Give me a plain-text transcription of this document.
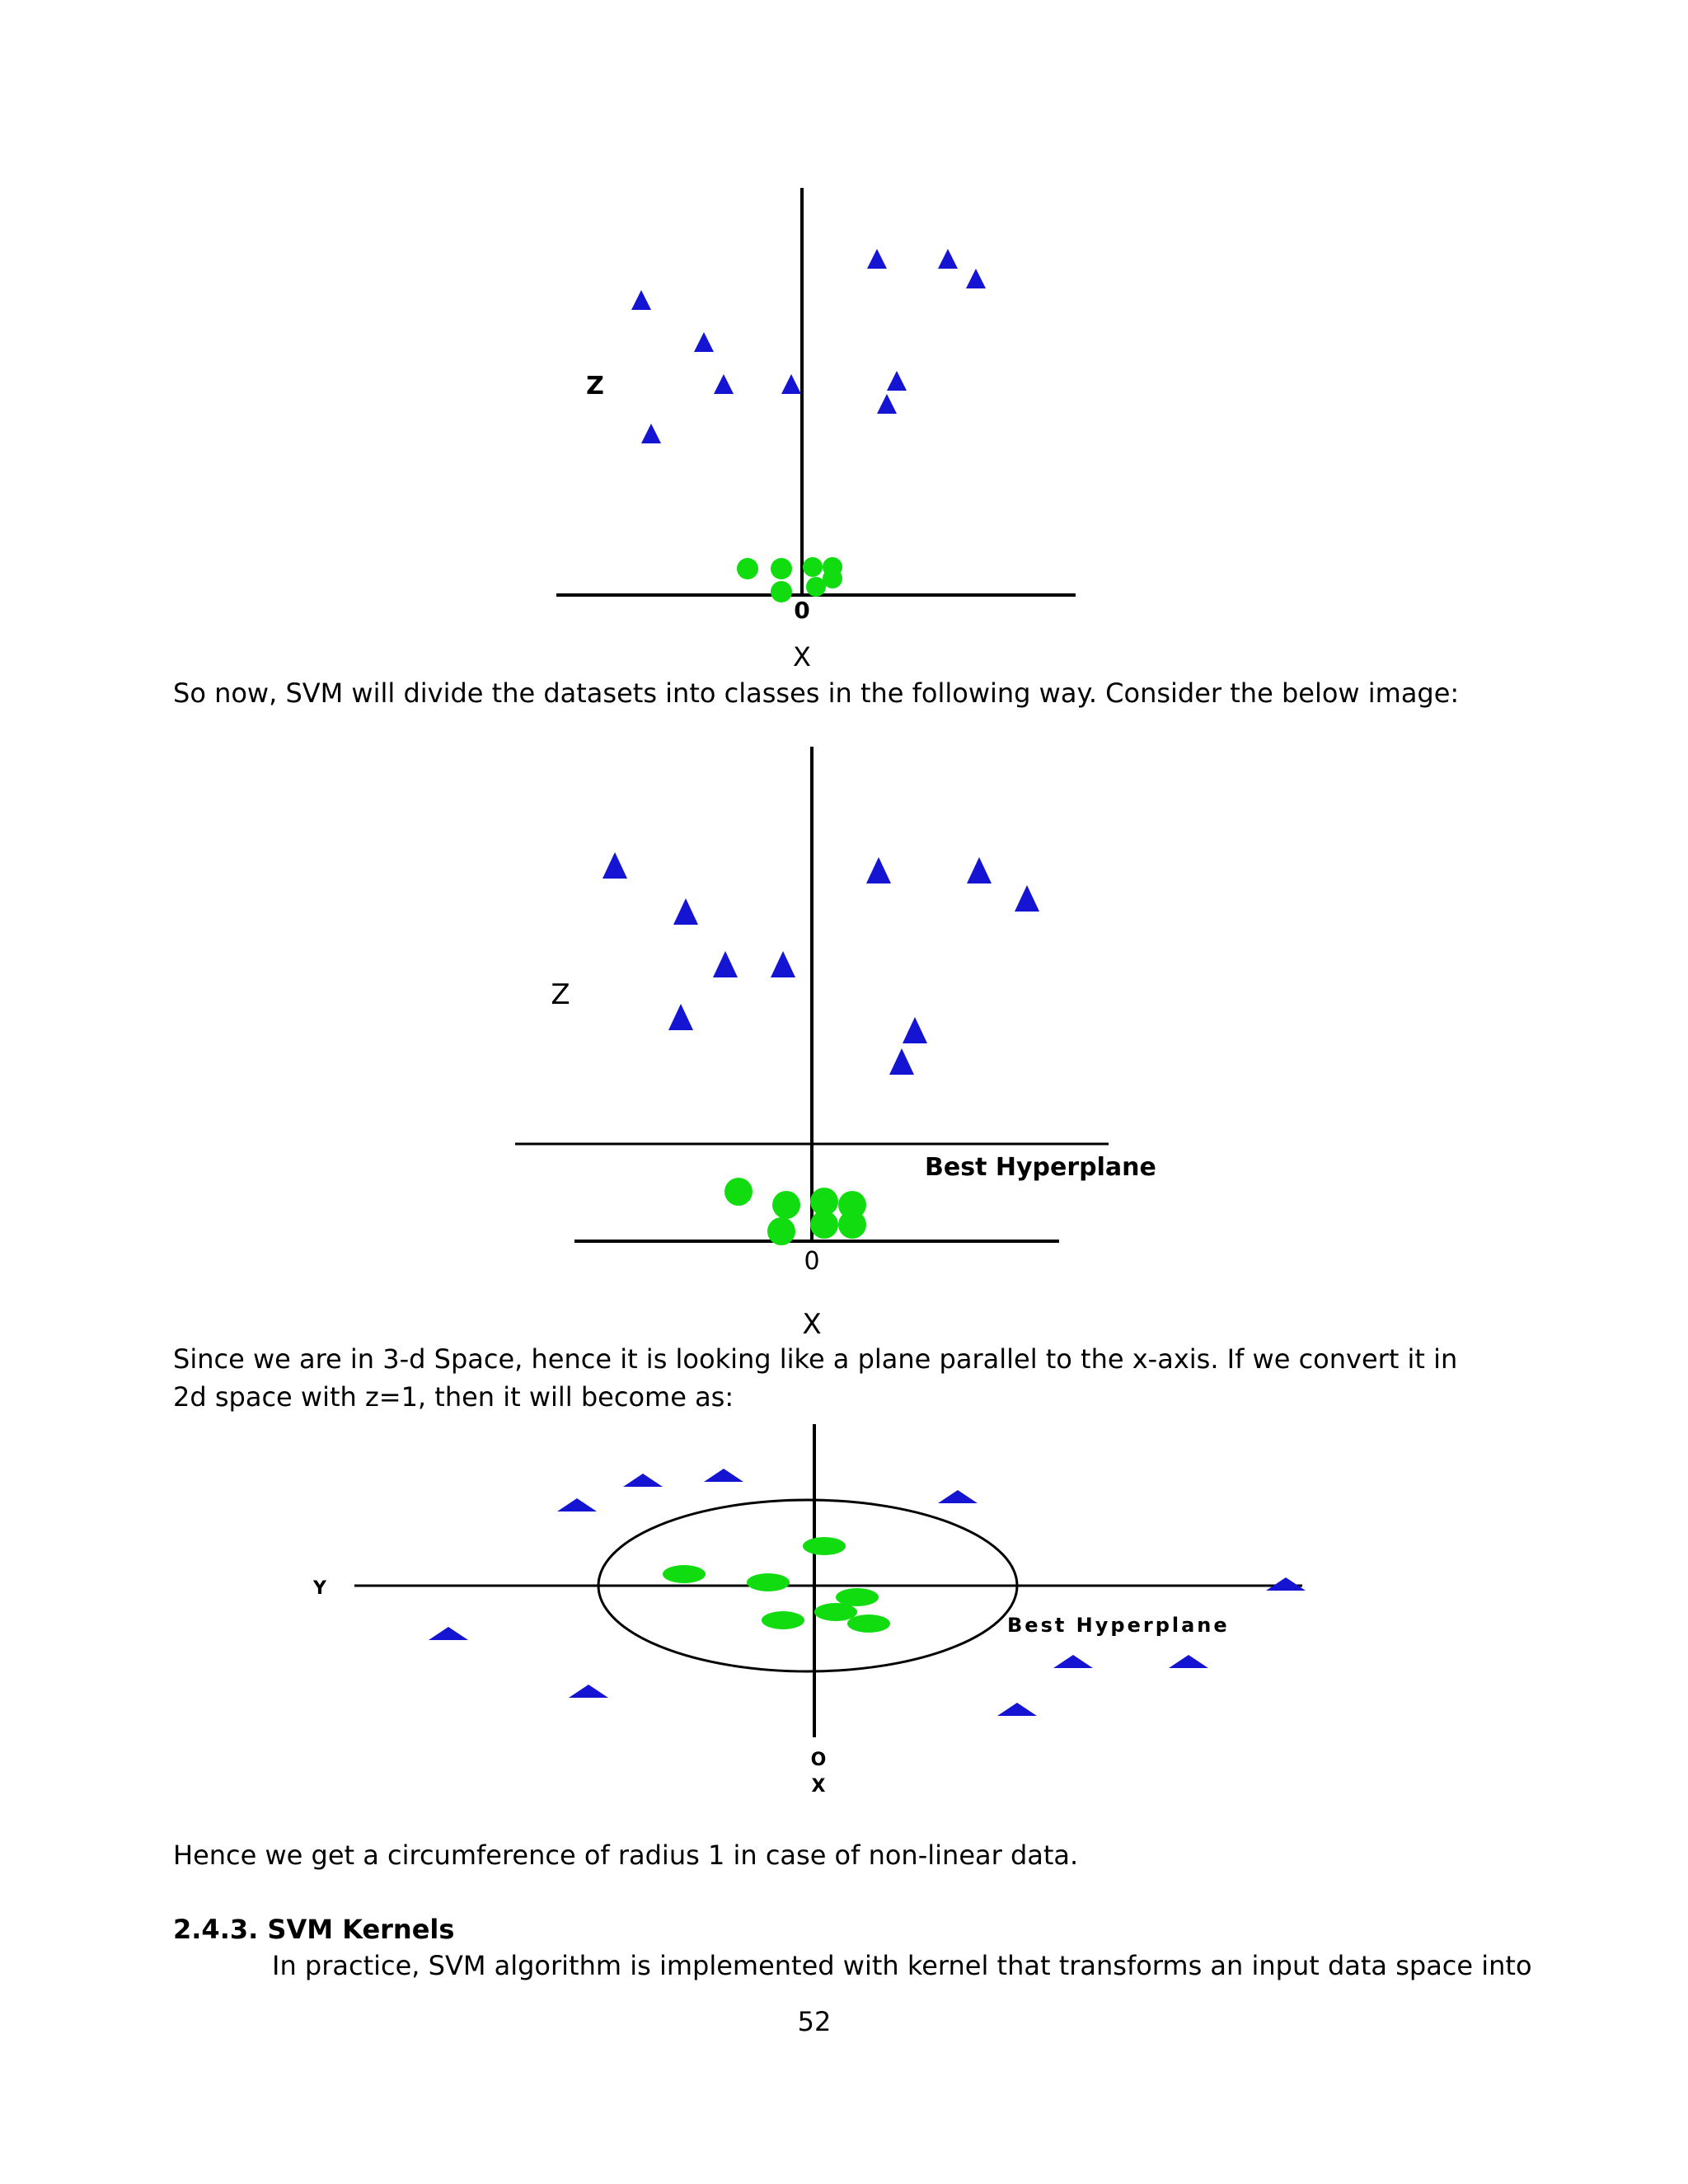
Z
0
X
Z
Best Hyperplane
0
X
Y
Best Hyperplane
O
X

So now, SVM will divide the datasets into classes in the following way. Consider the below image:

Since we are in 3-d Space, hence it is looking like a plane parallel to the x-axis. If we convert it in 2d space with z=1, then it will become as:

Hence we get a circumference of radius 1 in case of non-linear data.

2.4.3. SVM Kernels

In practice, SVM algorithm is implemented with kernel that transforms an input data space into

52
